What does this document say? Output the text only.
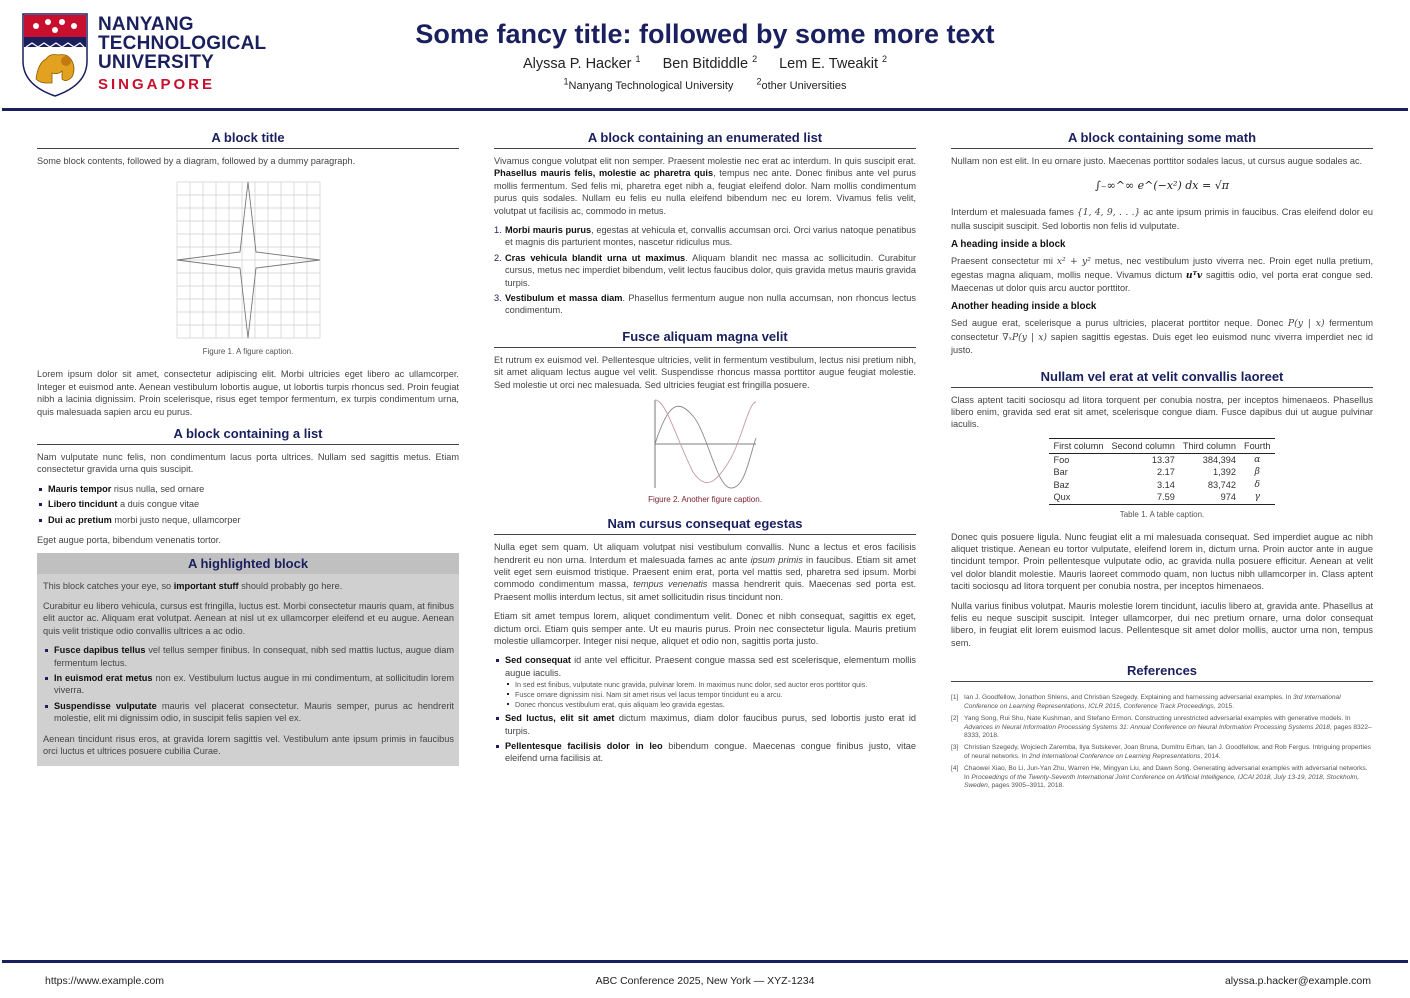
NANYANG
TECHNOLOGICAL
UNIVERSITY
SINGAPORE
Some fancy title: followed by some more text
Alyssa P. Hacker $^1$ Ben Bitdiddle $^2$ Lem E. Tweakit $^2$
$^1$Nanyang Technological University	$^2$other Universities
A block title

Some block contents, followed by a diagram, followed by a dummy paragraph.

Figure 1. A figure caption.

Lorem ipsum dolor sit amet, consectetur adipiscing elit. Morbi ultricies eget libero ac ullamcorper. Integer et euismod ante. Aenean vestibulum lobortis augue, ut lobortis turpis rhoncus sed. Proin feugiat nibh a lacinia dignissim. Proin scelerisque, risus eget tempor fermentum, ex turpis condimentum urna, quis malesuada sapien arcu eu purus.

A block containing a list

Nam vulputate nunc felis, non condimentum lacus porta ultrices. Nullam sed sagittis metus. Etiam consectetur gravida urna quis suscipit.

Mauris tempor risus nulla, sed ornare
Libero tincidunt a duis congue vitae
Dui ac pretium morbi justo neque, ullamcorper

Eget augue porta, bibendum venenatis tortor.

A highlighted block

This block catches your eye, so important stuff should probably go here.

Curabitur eu libero vehicula, cursus est fringilla, luctus est. Morbi consectetur mauris quam, at finibus elit auctor ac. Aliquam erat volutpat. Aenean at nisl ut ex ullamcorper eleifend et eu augue. Aenean quis velit tristique odio convallis ultrices a ac odio.

Fusce dapibus tellus vel tellus semper finibus. In consequat, nibh sed mattis luctus, augue diam fermentum lectus.
In euismod erat metus non ex. Vestibulum luctus augue in mi condimentum, at sollicitudin lorem viverra.
Suspendisse vulputate mauris vel placerat consectetur. Mauris semper, purus ac hendrerit molestie, elit mi dignissim odio, in suscipit felis sapien vel ex.

Aenean tincidunt risus eros, at gravida lorem sagittis vel. Vestibulum ante ipsum primis in faucibus orci luctus et ultrices posuere cubilia Curae.

A block containing an enumerated list

Vivamus congue volutpat elit non semper. Praesent molestie nec erat ac interdum. In quis suscipit erat. Phasellus mauris felis, molestie ac pharetra quis, tempus nec ante. Donec finibus ante vel purus mollis fermentum. Sed felis mi, pharetra eget nibh a, feugiat eleifend dolor. Nam mollis condimentum purus quis sodales. Nullam eu felis eu nulla eleifend bibendum nec eu lorem. Vivamus felis velit, volutpat ut facilisis ac, commodo in metus.

1. Morbi mauris purus, egestas at vehicula et, convallis accumsan orci. Orci varius natoque penatibus et magnis dis parturient montes, nascetur ridiculus mus.
2. Cras vehicula blandit urna ut maximus. Aliquam blandit nec massa ac sollicitudin. Curabitur cursus, metus nec imperdiet bibendum, velit lectus faucibus dolor, quis gravida metus mauris gravida turpis.
3. Vestibulum et massa diam. Phasellus fermentum augue non nulla accumsan, non rhoncus lectus condimentum.
Fusce aliquam magna velit

Et rutrum ex euismod vel. Pellentesque ultricies, velit in fermentum vestibulum, lectus nisi pretium nibh, sit amet aliquam lectus augue vel velit. Suspendisse rhoncus massa porttitor augue feugiat molestie. Sed molestie ut orci nec malesuada. Sed ultricies feugiat est fringilla posuere.

Figure 2. Another figure caption.
Nam cursus consequat egestas

Nulla eget sem quam. Ut aliquam volutpat nisi vestibulum convallis. Nunc a lectus et eros facilisis hendrerit eu non urna. Interdum et malesuada fames ac ante ipsum primis in faucibus. Etiam sit amet velit eget sem euismod tristique. Praesent enim erat, porta vel mattis sed, pharetra sed ipsum. Morbi commodo condimentum massa, tempus venenatis massa hendrerit quis. Maecenas sed porta est. Praesent mollis interdum lectus, sit amet sollicitudin risus tincidunt non.

Etiam sit amet tempus lorem, aliquet condimentum velit. Donec et nibh consequat, sagittis ex eget, dictum orci. Etiam quis semper ante. Ut eu mauris purus. Proin nec consectetur ligula. Mauris pretium molestie ullamcorper. Integer nisi neque, aliquet et odio non, sagittis porta justo.

Sed consequat id ante vel efficitur. Praesent congue massa sed est scelerisque, elementum mollis augue iaculis.
In sed est finibus, vulputate nunc gravida, pulvinar lorem. In maximus nunc dolor, sed auctor eros porttitor quis.
Fusce ornare dignissim nisi. Nam sit amet risus vel lacus tempor tincidunt eu a arcu.
Donec rhoncus vestibulum erat, quis aliquam leo gravida egestas.
Sed luctus, elit sit amet dictum maximus, diam dolor faucibus purus, sed lobortis justo erat id turpis.
Pellentesque facilisis dolor in leo bibendum congue. Maecenas congue finibus justo, vitae eleifend urna facilisis at.
A block containing some math

Nullam non est elit. In eu ornare justo. Maecenas porttitor sodales lacus, ut cursus augue sodales ac.

∫₋∞^∞ e^(−x²) dx = √π

Interdum et malesuada fames {1, 4, 9, . . .} ac ante ipsum primis in faucibus. Cras eleifend dolor eu nulla suscipit suscipit. Sed lobortis non felis id vulputate.

A heading inside a block

Praesent consectetur mi x² + y² metus, nec vestibulum justo viverra nec. Proin eget nulla pretium, egestas magna aliquam, mollis neque. Vivamus dictum uᵀv sagittis odio, vel porta erat congue sed. Maecenas ut dolor quis arcu auctor porttitor.

Another heading inside a block

Sed augue erat, scelerisque a purus ultricies, placerat porttitor neque. Donec P(y | x) fermentum consectetur ∇ₓP(y | x) sapien sagittis egestas. Duis eget leo euismod nunc viverra imperdiet nec id justo.

Nullam vel erat at velit convallis laoreet

Class aptent taciti sociosqu ad litora torquent per conubia nostra, per inceptos himenaeos. Phasellus libero enim, gravida sed erat sit amet, scelerisque congue diam. Fusce dapibus dui ut augue pulvinar iaculis.

First column	Second column	Third column	Fourth
Foo	13.37	384,394	α
Bar	2.17	1,392	β
Baz	3.14	83,742	δ
Qux	7.59	974	γ
Table 1. A table caption.

Donec quis posuere ligula. Nunc feugiat elit a mi malesuada consequat. Sed imperdiet augue ac nibh aliquet tristique. Aenean eu tortor vulputate, eleifend lorem in, dictum urna. Proin auctor ante in augue tincidunt tempor. Proin pellentesque vulputate odio, ac gravida nulla posuere efficitur. Aenean at velit vel dolor blandit molestie. Mauris laoreet commodo quam, non luctus nibh ullamcorper in. Class aptent taciti sociosqu ad litora torquent per conubia nostra, per inceptos himenaeos.

Nulla varius finibus volutpat. Mauris molestie lorem tincidunt, iaculis libero at, gravida ante. Phasellus at felis eu neque suscipit suscipit. Integer ullamcorper, dui nec pretium ornare, urna dolor consequat libero, in feugiat elit lorem euismod lacus. Pellentesque sit amet dolor mollis, auctor urna non, tempus sem.

References
[1] Ian J. Goodfellow, Jonathon Shlens, and Christian Szegedy. Explaining and harnessing adversarial examples. In 3rd International Conference on Learning Representations, ICLR 2015, Conference Track Proceedings, 2015.
[2] Yang Song, Rui Shu, Nate Kushman, and Stefano Ermon. Constructing unrestricted adversarial examples with generative models. In Advances in Neural Information Processing Systems 31: Annual Conference on Neural Information Processing Systems 2018, pages 8322–8333, 2018.
[3] Christian Szegedy, Wojciech Zaremba, Ilya Sutskever, Joan Bruna, Dumitru Erhan, Ian J. Goodfellow, and Rob Fergus. Intriguing properties of neural networks. In 2nd International Conference on Learning Representations, 2014.
[4] Chaowei Xiao, Bo Li, Jun-Yan Zhu, Warren He, Mingyan Liu, and Dawn Song. Generating adversarial examples with adversarial networks. In Proceedings of the Twenty-Seventh International Joint Conference on Artificial Intelligence, IJCAI 2018, July 13-19, 2018, Stockholm, Sweden, pages 3905–3911, 2018.
https://www.example.com	ABC Conference 2025, New York — XYZ-1234	alyssa.p.hacker@example.com
